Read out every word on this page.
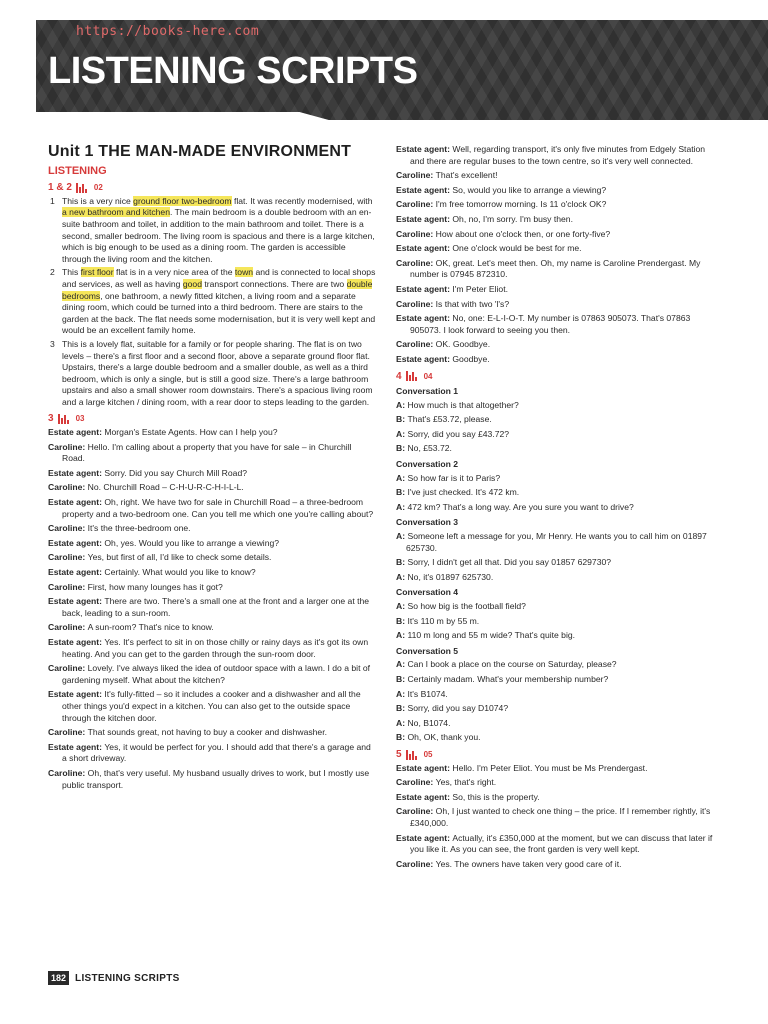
https://books-here.com
LISTENING SCRIPTS
Unit 1 THE MAN-MADE ENVIRONMENT
LISTENING
1 & 2	02
1 This is a very nice ground floor two-bedroom flat. It was recently modernised, with a new bathroom and kitchen. The main bedroom is a double bedroom with an en-suite bathroom and toilet, in addition to the main bathroom and toilet. There is a second, smaller bedroom. The living room is spacious and there is a large kitchen, which is big enough to be used as a dining room. The garden is accessible through the living room and the kitchen.
2 This first floor flat is in a very nice area of the town and is connected to local shops and services, as well as having good transport connections. There are two double bedrooms, one bathroom, a newly fitted kitchen, a living room and a separate dining room, which could be turned into a third bedroom. There are stairs to the garden at the back. The flat needs some modernisation, but it is very well kept and would be an excellent family home.
3 This is a lovely flat, suitable for a family or for people sharing. The flat is on two levels – there's a first floor and a second floor, above a separate ground floor flat. Upstairs, there's a large double bedroom and a smaller double, as well as a third bedroom, which is only a single, but is still a good size. There's a large bathroom upstairs and also a small shower room downstairs. There's a spacious living room and a large kitchen / dining room, with a rear door to steps leading to the garden.
3	03
Estate agent: Morgan's Estate Agents. How can I help you?
Caroline: Hello. I'm calling about a property that you have for sale – in Churchill Road.
Estate agent: Sorry. Did you say Church Mill Road?
Caroline: No. Churchill Road – C-H-U-R-C-H-I-L-L.
Estate agent: Oh, right. We have two for sale in Churchill Road – a three-bedroom property and a two-bedroom one. Can you tell me which one you're calling about?
Caroline: It's the three-bedroom one.
Estate agent: Oh, yes. Would you like to arrange a viewing?
Caroline: Yes, but first of all, I'd like to check some details.
Estate agent: Certainly. What would you like to know?
Caroline: First, how many lounges has it got?
Estate agent: There are two. There's a small one at the front and a larger one at the back, leading to a sun-room.
Caroline: A sun-room? That's nice to know.
Estate agent: Yes. It's perfect to sit in on those chilly or rainy days as it's got its own heating. And you can get to the garden through the sun-room door.
Caroline: Lovely. I've always liked the idea of outdoor space with a lawn. I do a bit of gardening myself. What about the kitchen?
Estate agent: It's fully-fitted – so it includes a cooker and a dishwasher and all the other things you'd expect in a kitchen. You can also get to the outside space through the kitchen door.
Caroline: That sounds great, not having to buy a cooker and dishwasher.
Estate agent: Yes, it would be perfect for you. I should add that there's a garage and a short driveway.
Caroline: Oh, that's very useful. My husband usually drives to work, but I mostly use public transport.
Estate agent: Well, regarding transport, it's only five minutes from Edgely Station and there are regular buses to the town centre, so it's very well connected.
Caroline: That's excellent!
Estate agent: So, would you like to arrange a viewing?
Caroline: I'm free tomorrow morning. Is 11 o'clock OK?
Estate agent: Oh, no, I'm sorry. I'm busy then.
Caroline: How about one o'clock then, or one forty-five?
Estate agent: One o'clock would be best for me.
Caroline: OK, great. Let's meet then. Oh, my name is Caroline Prendergast. My number is 07945 872310.
Estate agent: I'm Peter Eliot.
Caroline: Is that with two 'l's?
Estate agent: No, one: E-L-I-O-T. My number is 07863 905073. That's 07863 905073. I look forward to seeing you then.
Caroline: OK. Goodbye.
Estate agent: Goodbye.
4	04
Conversation 1
A: How much is that altogether?
B: That's £53.72, please.
A: Sorry, did you say £43.72?
B: No, £53.72.
Conversation 2
A: So how far is it to Paris?
B: I've just checked. It's 472 km.
A: 472 km? That's a long way. Are you sure you want to drive?
Conversation 3
A: Someone left a message for you, Mr Henry. He wants you to call him on 01897 625730.
B: Sorry, I didn't get all that. Did you say 01857 629730?
A: No, it's 01897 625730.
Conversation 4
A: So how big is the football field?
B: It's 110 m by 55 m.
A: 110 m long and 55 m wide? That's quite big.
Conversation 5
A: Can I book a place on the course on Saturday, please?
B: Certainly madam. What's your membership number?
A: It's B1074.
B: Sorry, did you say D1074?
A: No, B1074.
B: Oh, OK, thank you.
5	05
Estate agent: Hello. I'm Peter Eliot. You must be Ms Prendergast.
Caroline: Yes, that's right.
Estate agent: So, this is the property.
Caroline: Oh, I just wanted to check one thing – the price. If I remember rightly, it's £340,000.
Estate agent: Actually, it's £350,000 at the moment, but we can discuss that later if you like it. As you can see, the front garden is very well kept.
Caroline: Yes. The owners have taken very good care of it.
182 LISTENING SCRIPTS
